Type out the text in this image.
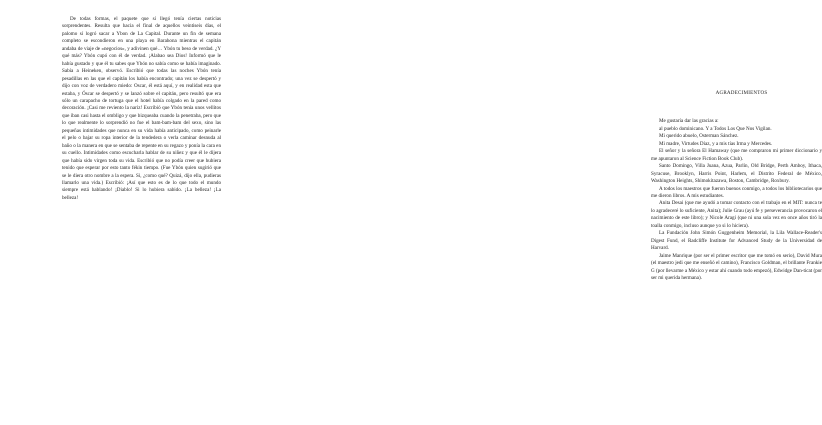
De todas formas, el paquete que sí llegó tenía ciertas noticias sorprendentes. Resulta que hacia el final de aquellos veintiseis días, el palomo sí logró sacar a Ybon de La Capital. Durante un fin de semana completo se escondieron en una playa en Barahona mientras el capitán andaba de viaje de «negocios», y adivinen qué… Ybón tu beso de verdad. ¿Y qué más? Ybón cupó con él de verdad. ¡Alabao sea Dios! Informó que le había gustado y que él tu sabes que Ybón no sabía como se había imaginado. Sabía a Heineken, observó. Escribió que todas las noches Ybón tenía pesadillas en las que el capitán los había encontrado; una vez se despertó y dijo con voz de verdadero miedo: Oscar, él está aquí, y en realidad esta que estaba, y Óscar se despertó y se lanzó sobre el capitán, pero resultó que era sólo un carapacho de tortuga que el hotel había colgado en la pared como decoración. ¡Casi me reviento la nariz! Escribió que Ybón tenía unos vellitos que iban casi hasta el ombligo y que bizqueaba cuando la penetraba, pero que lo que realmente lo sorprendió no fue el bam-bam-bam del sexo, sino las pequeñas intimidades que nunca en su vida había anticipado, como peinarle el pelo o bajar su ropa interior de la tendedera o verla caminar desnuda al baño o la manera en que se sentaba de repente en su regazo y ponía la cara en su cuello. Intimidades como escucharla hablar de su niñez y que él le dijera que había sido virgen toda su vida. Escribió que no podía creer que hubiera tenido que esperar por esto tanto fékin tiempo. (Fue Ybón quien sugirió que se le diera otro nombre a la espera. Si, ¿como qué? Quizá, dijo ella, pudieras llamarlo una vida.) Escribió: ¡Así que esto es de lo que todo el mundo siempre está hablando! ¡Diablo! Si lo hubiera sabido. ¡La belleza! ¡La belleza!

AGRADECIMIENTOS

Me gustaría dar las gracias a:

al pueblo dominicano. Y a Todos Los Que Nos Vigilan.

Mi querido abuelo, Osterman Sánchez.

Mi madre, Virtudes Díaz, y a mis tías Irma y Mercedes.

El señor y la señora El Hamaway (que me compraron mi primer diccionario y me apuntaron al Science Fiction Book Club).

Santo Domingo, Villa Juana, Azua, Parlín, Old Bridge, Perth Amboy, Ithaca, Syracuse, Brooklyn, Harris Point, Harlem, el Distrito Federal de México, Washington Heights, Shimokitazawa, Boston, Cambridge, Roxbury.

A todos los maestros que fueron buenos conmigo, a todos los bibliotecarios que me dieron libros. A mis estudiantes.

Anita Desai (que me ayudó a tomar contacto con el trabajo en el MIT: nunca te lo agradeceré lo suficiente, Anita); Julie Grau (ayú fe y perseverancia provocaron el nacimiento de este libro); y Nicole Aragi (que ni una sola vez en once años tiró la toalla conmigo, incluso aunque yo si lo hiciera).

La Fundación John Simón Guggenheim Memorial, la Lila Wallace-Reader's Digest Fund, el Radcliffe Institute for Advanced Study de la Universidad de Harvard.

Jaime Manrique (por ser el primer escritor que me tomó en serio), David Mura (el maestro jedi que me enseñó el camino), Francisco Goldman, el brillante Frankie G (por llevarme a México y estar ahí cuando todo empezó), Edwidge Dan-ticat (por ser mi querida hermana).
